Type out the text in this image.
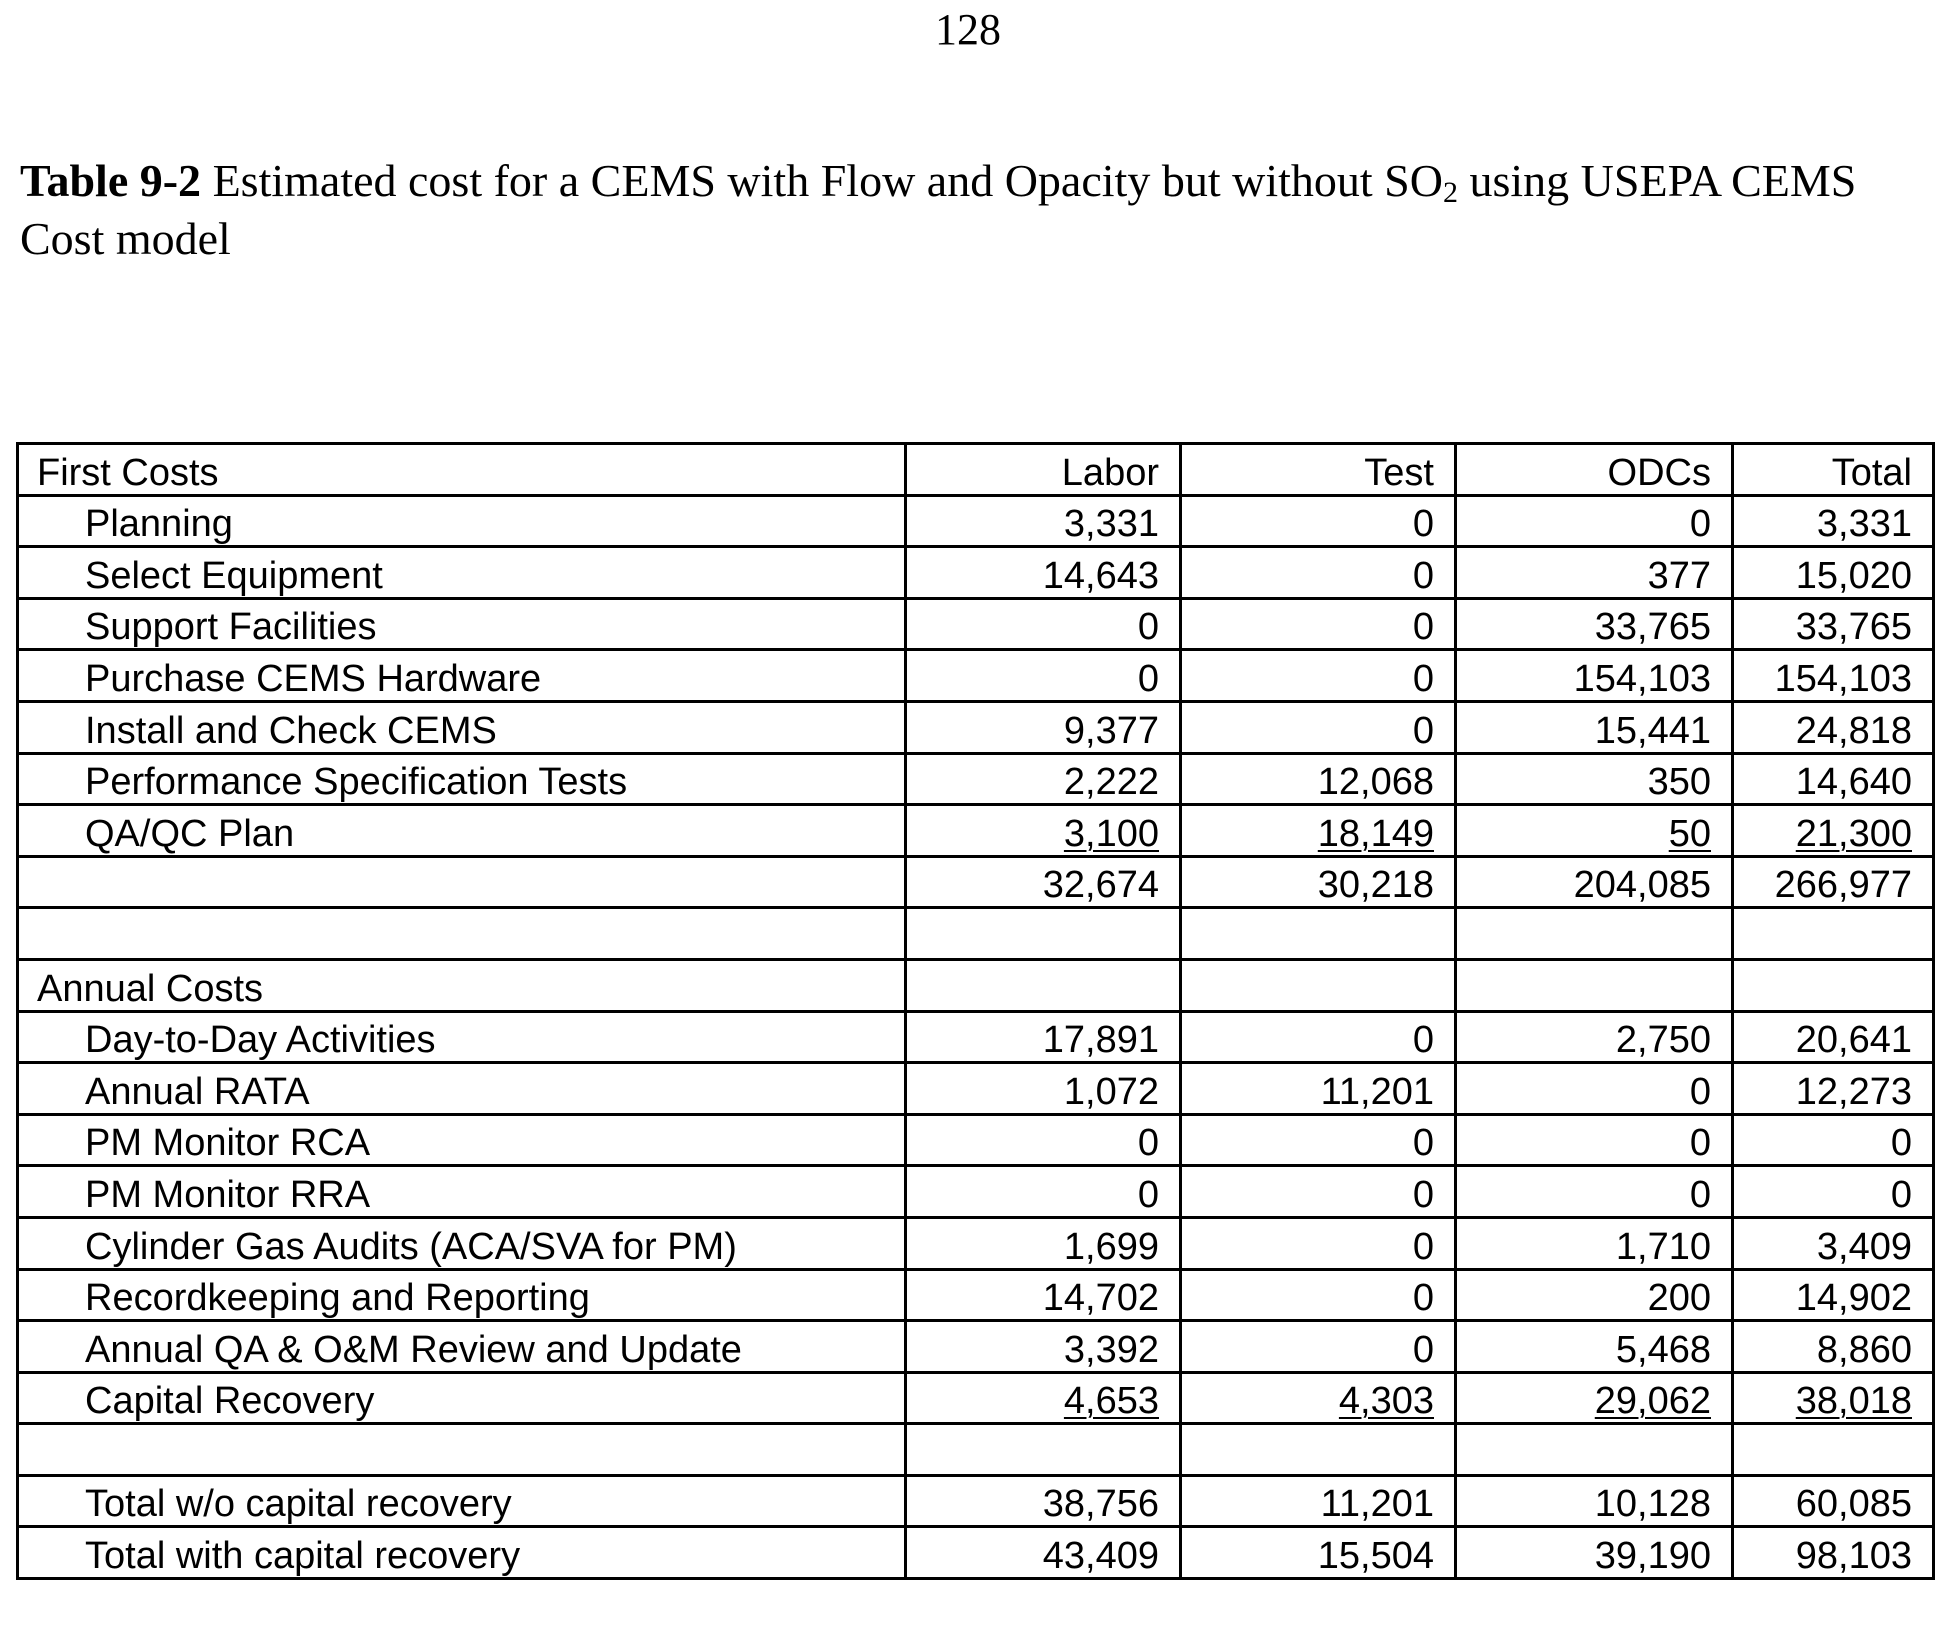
128
Table 9-2 Estimated cost for a CEMS with Flow and Opacity but without $SO_2$ using USEPA CEMS Cost model
First Costs	Labor	Test	ODCs	Total
Planning	3,331	0	0	3,331
Select Equipment	14,643	0	377	15,020
Support Facilities	0	0	33,765	33,765
Purchase CEMS Hardware	0	0	154,103	154,103
Install and Check CEMS	9,377	0	15,441	24,818
Performance Specification Tests	2,222	12,068	350	14,640
QA/QC Plan	3,100	18,149	50	21,300
	32,674	30,218	204,085	266,977

Annual Costs				
Day-to-Day Activities	17,891	0	2,750	20,641
Annual RATA	1,072	11,201	0	12,273
PM Monitor RCA	0	0	0	0
PM Monitor RRA	0	0	0	0
Cylinder Gas Audits (ACA/SVA for PM)	1,699	0	1,710	3,409
Recordkeeping and Reporting	14,702	0	200	14,902
Annual QA & O&M Review and Update	3,392	0	5,468	8,860
Capital Recovery	4,653	4,303	29,062	38,018

Total w/o capital recovery	38,756	11,201	10,128	60,085
Total with capital recovery	43,409	15,504	39,190	98,103
